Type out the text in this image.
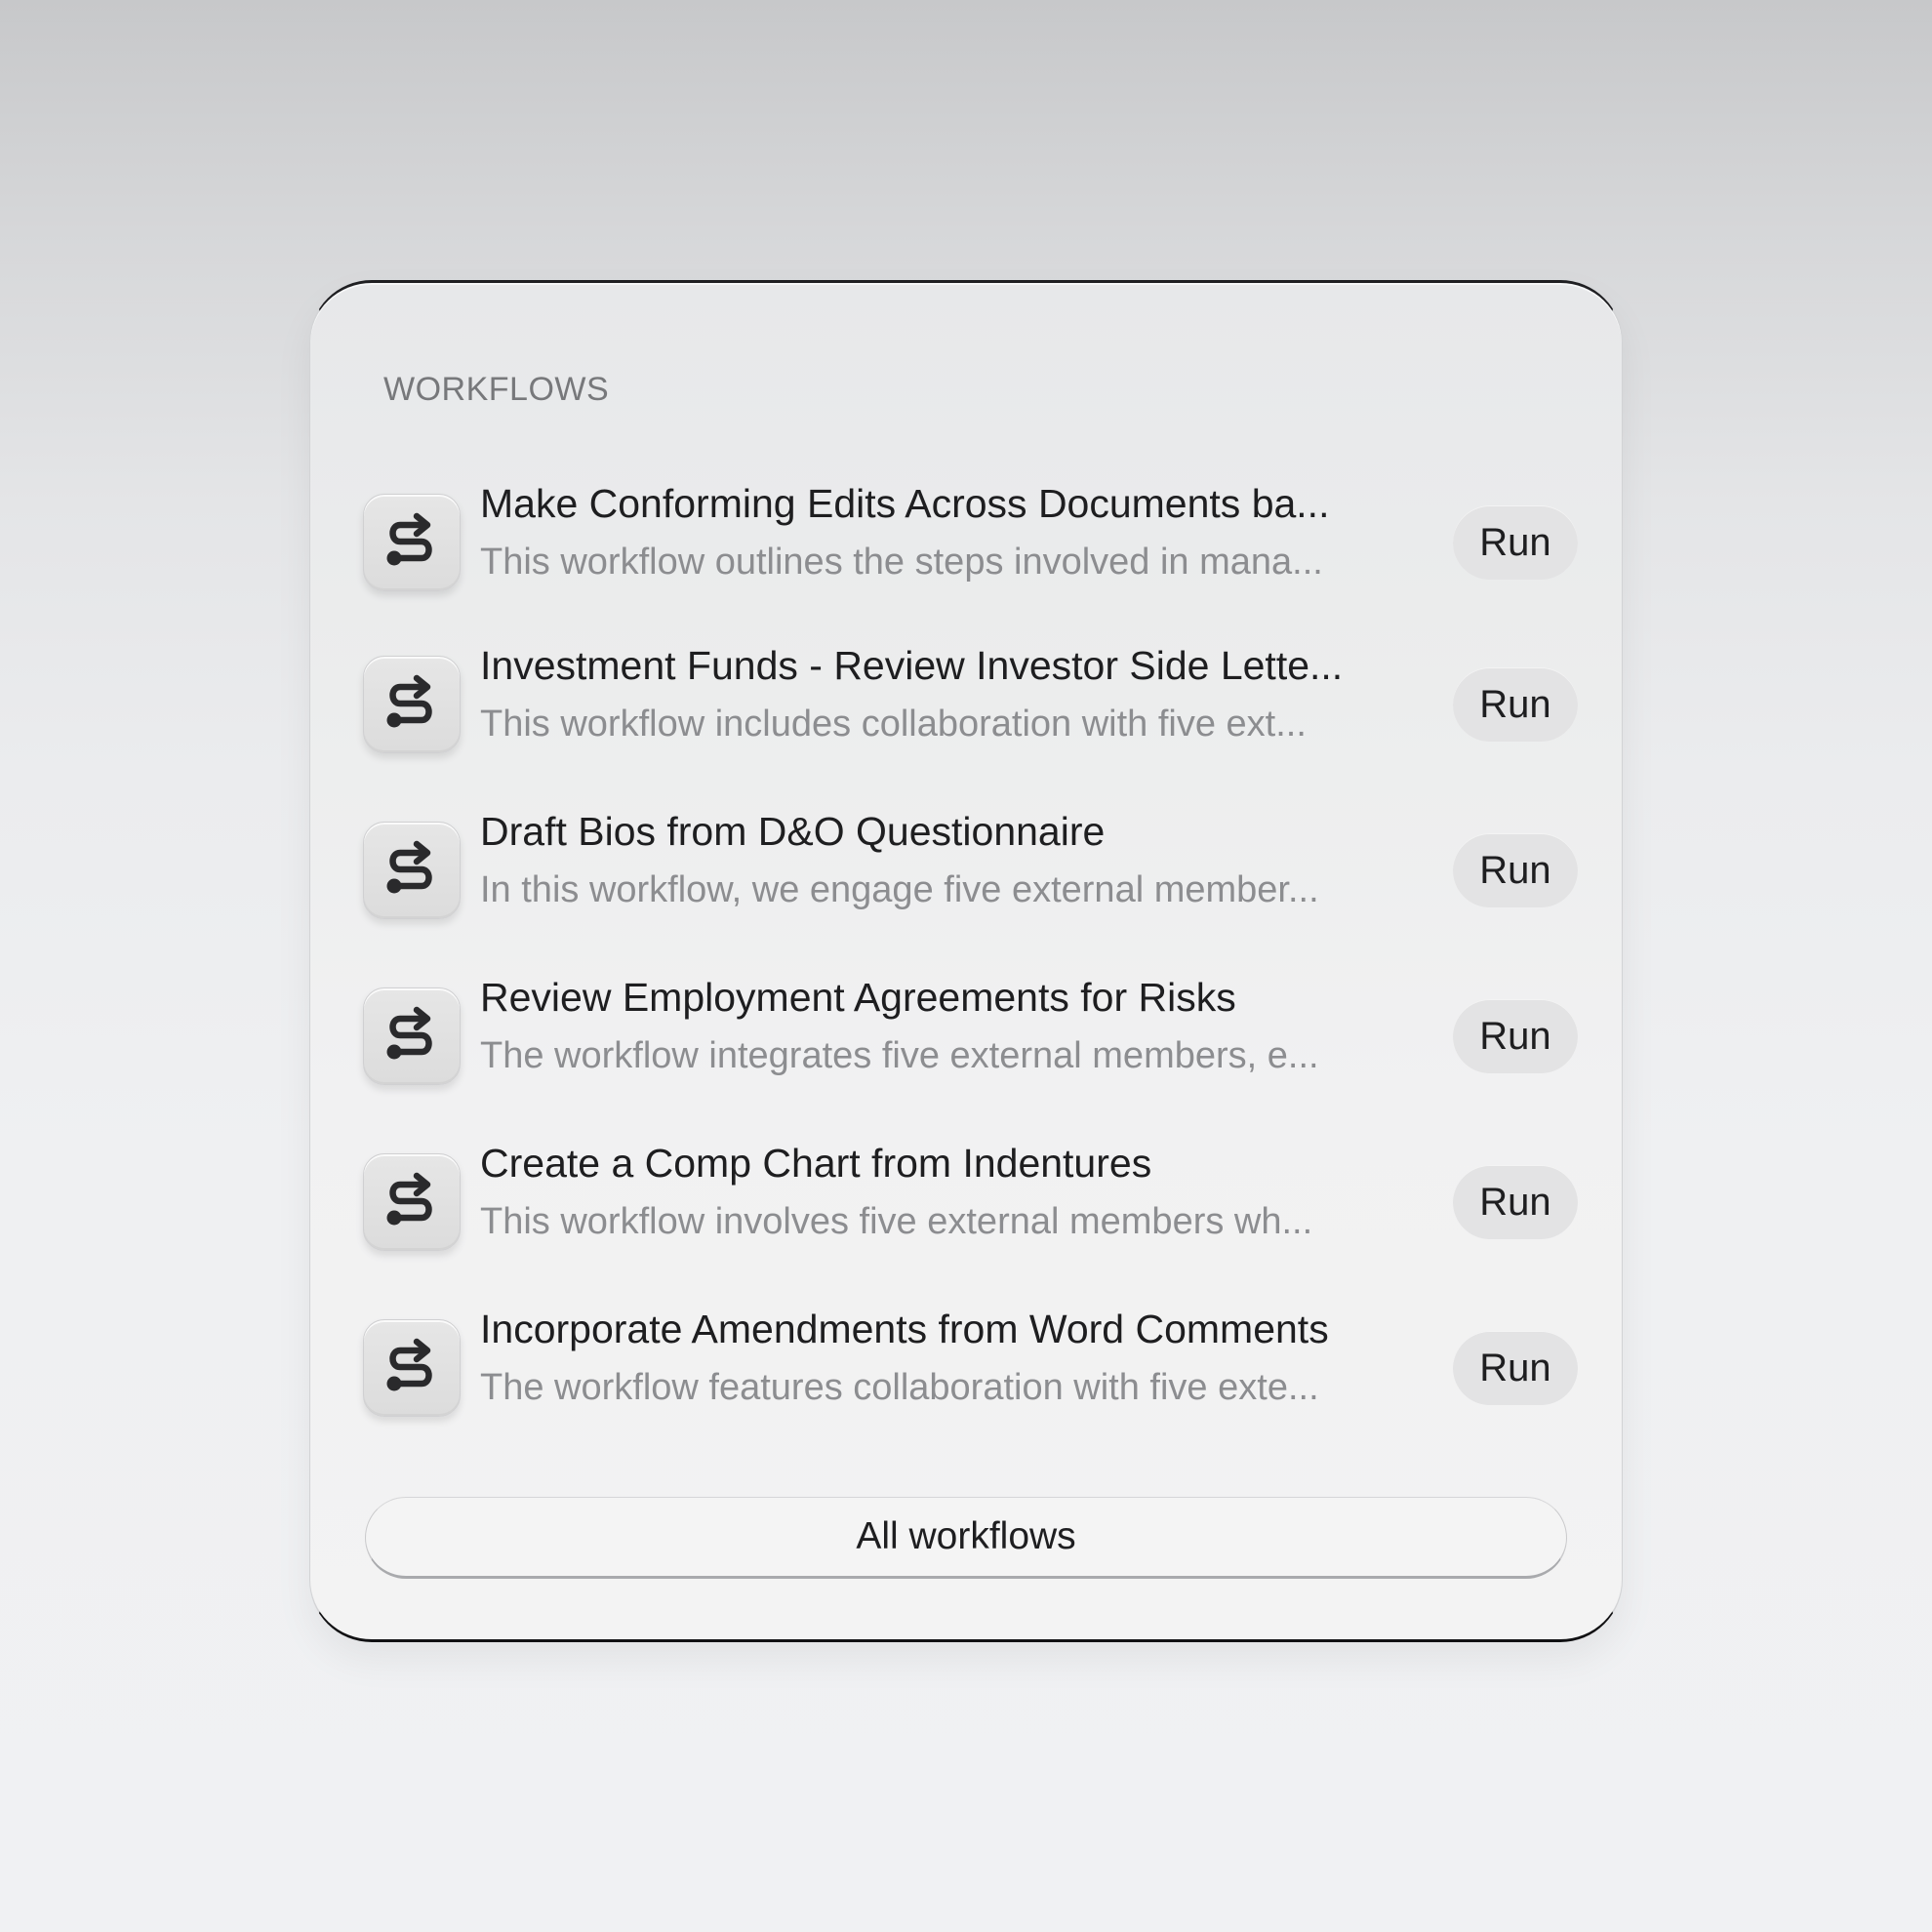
WORKFLOWS
Make Conforming Edits Across Documents ba...
This workflow outlines the steps involved in mana...	Run
Investment Funds - Review Investor Side Lette...
This workflow includes collaboration with five ext...	Run
Draft Bios from D&O Questionnaire
In this workflow, we engage five external member...	Run
Review Employment Agreements for Risks
The workflow integrates five external members, e...	Run
Create a Comp Chart from Indentures
This workflow involves five external members wh...	Run
Incorporate Amendments from Word Comments
The workflow features collaboration with five exte...	Run
All workflows
